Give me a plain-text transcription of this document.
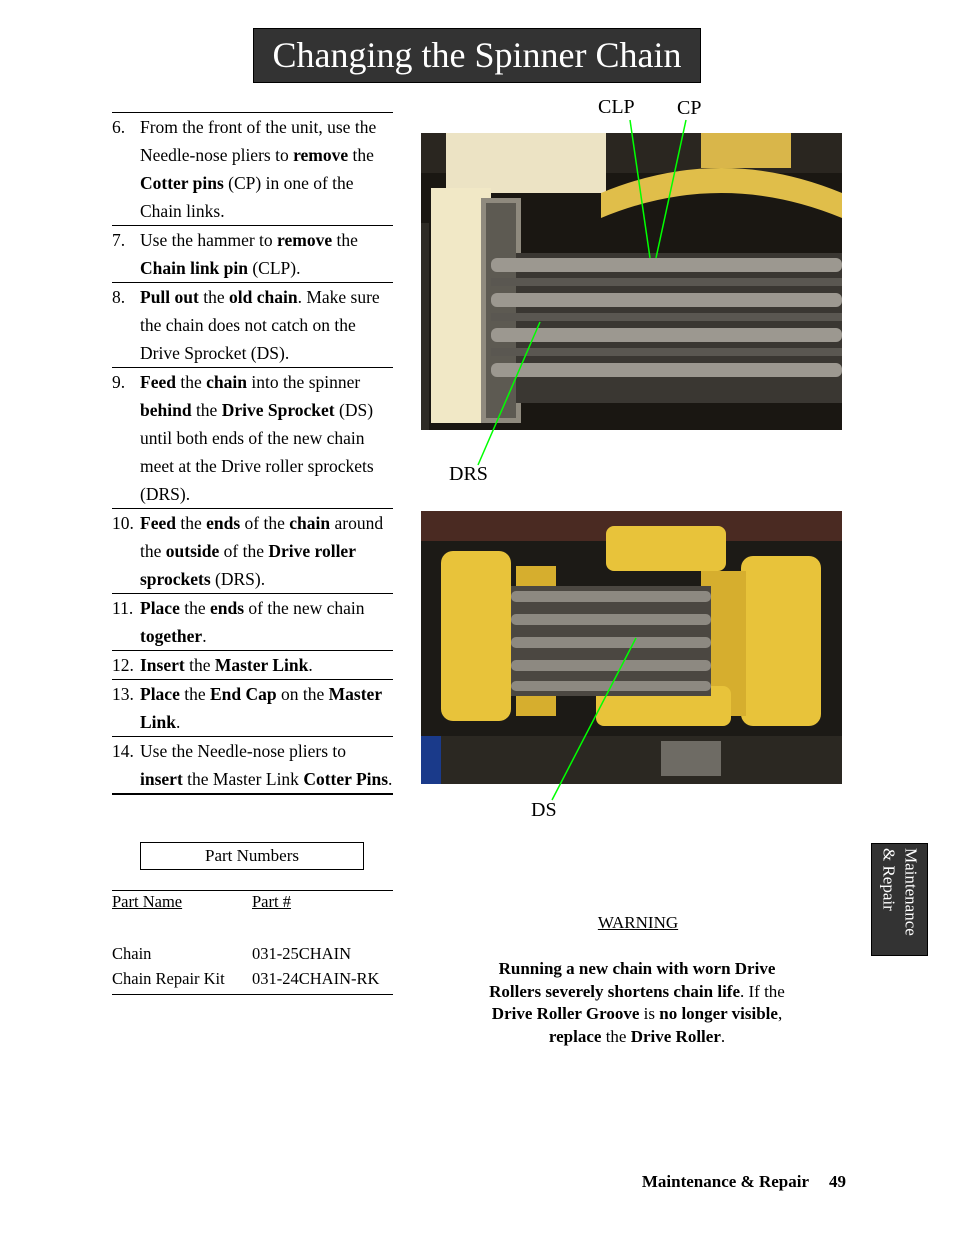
Changing the Spinner Chain
6. From the front of the unit, use the Needle-nose pliers to remove the Cotter pins (CP) in one of the Chain links.
7. Use the hammer to remove the Chain link pin (CLP).
8. Pull out the old chain. Make sure the chain does not catch on the Drive Sprocket (DS).
9. Feed the chain into the spinner behind the Drive Sprocket (DS) until both ends of the new chain meet at the Drive roller sprockets (DRS).
10. Feed the ends of the chain around the outside of the Drive roller sprockets (DRS).
11. Place the ends of the new chain together.
12. Insert the Master Link.
13. Place the End Cap on the Master Link.
14. Use the Needle-nose pliers to insert the Master Link Cotter Pins.
Part Numbers
Part Name	Part #
Chain	031-25CHAIN
Chain Repair Kit 031-24CHAIN-RK
CLP CP
DRS
DS
WARNING
Running a new chain with worn Drive Rollers severely shortens chain life. If the Drive Roller Groove is no longer visible, replace the Drive Roller.
Maintenance
& Repair
Maintenance & Repair 49
